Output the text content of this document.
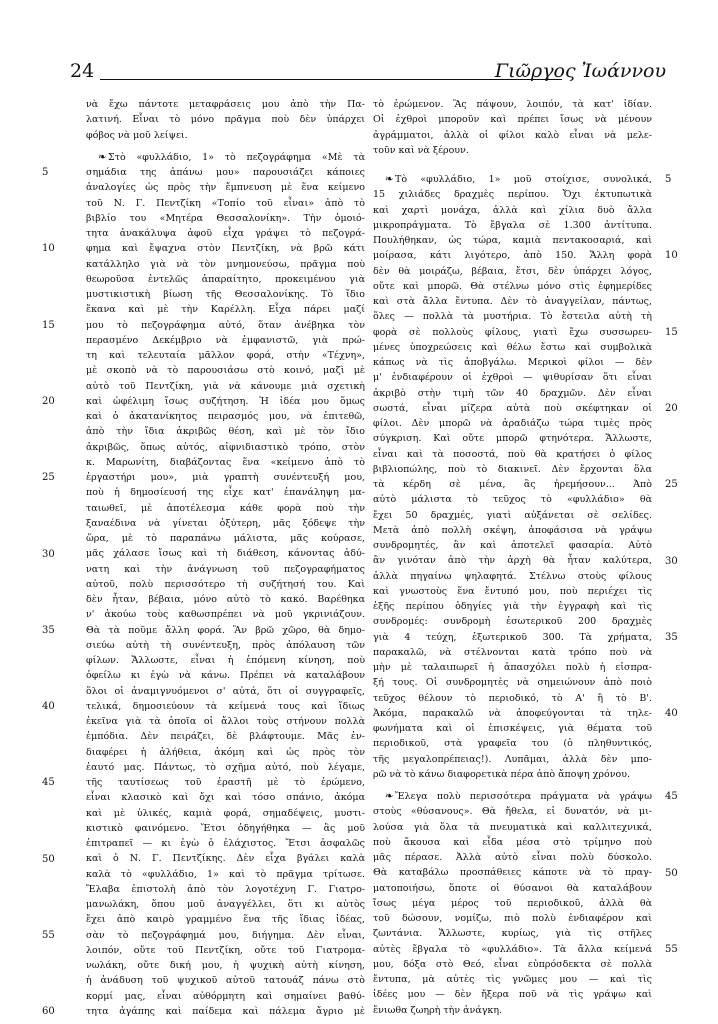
24	Γιῶργος Ἰωάννου
νὰ ἔχω πάντοτε μεταφράσεις μου ἀπὸ τὴν Πα-
λατινή. Εἶναι τὸ μόνο πρᾶγμα ποὺ δὲν ὑπάρχει
φόβος νὰ μοῦ λείψει.
❧ Στὸ «φυλλάδιο, 1» τὸ πεζογράφημα «Μὲ τὰ
σημάδια της ἀπάνω μου» παρουσιάζει κάποιες
ἀναλογίες ὡς πρὸς τὴν ἔμπνευση μὲ ἕνα κείμενο
τοῦ Ν. Γ. Πεντζίκη «Τοπίο τοῦ εἶναι» ἀπὸ τὸ
βιβλίο του «Μητέρα Θεσσαλονίκη». Τὴν ὁμοιό-
τητα ἀνακάλυψα ἀφοῦ εἶχα γράψει τὸ πεζογρά-
φημα καὶ ἔψαχνα στὸν Πεντζίκη, νὰ βρῶ κάτι
κατάλληλο γιὰ νὰ τὸν μνημονεύσω, πρᾶγμα ποὺ
θεωροῦσα ἐντελῶς ἀπαραίτητο, προκειμένου γιὰ
μυστικιστικὴ βίωση τῆς Θεσσαλονίκης. Τὸ ἴδιο
ἔκανα καὶ μὲ τὴν Καρέλλη. Εἶχα πάρει μαζί
μου τὸ πεζογράφημα αὐτό, ὅταν ἀνέβηκα τὸν
περασμένο Δεκέμβριο νὰ ἐμφανιστῶ, γιὰ πρώ-
τη καὶ τελευταία μᾶλλον φορά, στὴν «Τέχνη»,
μὲ σκοπὸ νὰ τὸ παρουσιάσω στὸ κοινό, μαζὶ μὲ
αὐτὸ τοῦ Πεντζίκη, γιὰ νὰ κάνουμε μιὰ σχετικὴ
καὶ ὠφέλιμη ἴσως συζήτηση. Ἡ ἰδέα μου ὅμως
καὶ ὁ ἀκατανίκητος πειρασμός μου, νὰ ἐπιτεθῶ,
ἀπὸ τὴν ἴδια ἀκριβῶς θέση, καὶ μὲ τὸν ἴδιο
ἀκριβῶς, ὅπως αὐτός, αἰφνιδιαστικὸ τρόπο, στὸν
κ. Μαρωνίτη, διαβάζοντας ἕνα «κείμενο ἀπὸ τὸ
ἐργαστήρι μου», μιὰ γραπτὴ συνέντευξή μου,
ποὺ ἡ δημοσίευσή της εἶχε κατ' ἐπανάληψη μα-
ταιωθεῖ, μὲ ἀποτέλεσμα κάθε φορὰ ποὺ τὴν
ξαναέδινα νὰ γίνεται ὀξύτερη, μᾶς ξόδεψε τὴν
ὥρα, μὲ τὸ παραπάνω μάλιστα, μᾶς κούρασε,
μᾶς χάλασε ἴσως καὶ τὴ διάθεση, κάνοντας ἀδύ-
νατη καὶ τὴν ἀνάγνωση τοῦ πεζογραφήματος
αὐτοῦ, πολὺ περισσότερο τὴ συζήτησή του. Καὶ
δὲν ἦταν, βέβαια, μόνο αὐτὸ τὸ κακό. Βαρέθηκα
ν' ἀκούω τοὺς καθωσπρέπει νὰ μοῦ γκρινιάζουν.
Θὰ τὰ ποῦμε ἄλλη φορά. Ἂν βρῶ χῶρο, θὰ δημο-
σιεύω αὐτὴ τὴ συνέντευξη, πρὸς ἀπόλαυση τῶν
φίλων. Ἄλλωστε, εἶναι ἡ ἑπόμενη κίνηση, ποὺ
ὀφείλω κι ἐγὼ νὰ κάνω. Πρέπει νὰ καταλάβουν
ὅλοι οἱ ἀναμιγνυόμενοι σ' αὐτά, ὅτι οἱ συγγραφεῖς,
τελικά, δημοσιεύουν τὰ κείμενά τους καὶ ἴδιως
ἐκεῖνα γιὰ τὰ ὁποῖα οἱ ἄλλοι τοὺς στήνουν πολλὰ
ἐμπόδια. Δὲν πειράζει, δὲ βλάφτουμε. Μᾶς ἐν-
διαφέρει ἡ ἀλήθεια, ἀκόμη καὶ ὡς πρὸς τὸν
ἑαυτό μας. Πάντως, τὸ σχῆμα αὐτό, ποὺ λέγαμε,
τῆς ταυτίσεως τοῦ ἐραστῆ μὲ τὸ ἐρώμενο,
εἶναι κλασικὸ καὶ ὄχι καὶ τόσο σπάνιο, ἀκόμα
καὶ μὲ ὑλικές, καμιὰ φορά, σημαδέψεις, μυστι-
κιστικὸ φαινόμενο. Ἔτσι ὁδηγήθηκα — ἂς μοῦ
ἐπιτραπεῖ — κι ἐγὼ ὁ ἐλάχιστος. Ἔτσι ἀσφαλῶς
καὶ ὁ Ν. Γ. Πεντζίκης. Δὲν εἶχα βγάλει καλὰ
καλὰ τὸ «φυλλάδιο, 1» καὶ τὸ πρᾶγμα τρίτωσε.
Ἔλαβα ἐπιστολὴ ἀπὸ τὸν λογοτέχνη Γ. Γιατρο-
μανωλάκη, ὅπου μοῦ ἀναγγέλλει, ὅτι κι αὐτὸς
ἔχει ἀπὸ καιρὸ γραμμένο ἕνα τῆς ἴδιας ἰδέας,
σὰν τὸ πεζογράφημά μου, διήγημα. Δὲν εἶναι,
λοιπόν, οὔτε τοῦ Πεντζίκη, οὔτε τοῦ Γιατρομα-
νωλάκη, οὔτε δική μου, ἡ ψυχικὴ αὐτὴ κίνηση,
ἡ ἀνάδυση τοῦ ψυχικοῦ αὐτοῦ τατουάζ πάνω στὸ
κορμί μας, εἶναι αὐθόρμητη καὶ σημαίνει βαθύ-
τητα ἀγάπης καὶ παίδεμα καὶ πάλεμα ἄγριο μὲ
τὸ ἐρώμενον. Ἂς πάψουν, λοιπόν, τὰ κατ' ἰδίαν.
Οἱ ἐχθροὶ μποροῦν καὶ πρέπει ἴσως νὰ μένουν
ἀγράμματοι, ἀλλὰ οἱ φίλοι καλὸ εἶναι νὰ μελε-
τοῦν καὶ νὰ ξέρουν.
❧ Τὸ «φυλλάδιο, 1» μοῦ στοίχισε, συνολικά,
15 χιλιάδες δραχμὲς περίπου. Ὄχι ἐκτυπωτικὰ
καὶ χαρτὶ μονάχα, ἀλλὰ καὶ χίλια δυὸ ἄλλα
μικροπράγματα. Τὸ ἔβγαλα σὲ 1.300 ἀντίτυπα.
Πουλήθηκαν, ὡς τώρα, καμιὰ πεντακοσαριά, καὶ
μοίρασα, κάτι λιγότερο, ἀπὸ 150. Ἄλλη φορὰ
δὲν θὰ μοιράζω, βέβαια, ἔτσι, δὲν ὑπάρχει λόγος,
οὔτε καὶ μπορῶ. Θὰ στέλνω μόνο στὶς ἐφημερίδες
καὶ στὰ ἄλλα ἔντυπα. Δὲν τὸ ἀναγγείλαν, πάντως,
ὅλες — πολλὰ τὰ μυστήρια. Τὸ ἔστειλα αὐτὴ τὴ
φορὰ σὲ πολλοὺς φίλους, γιατὶ ἔχω συσσωρευ-
μένες ὑποχρεώσεις καὶ θέλω ἔστω καὶ συμβολικὰ
κάπως νὰ τὶς ἀποβγάλω. Μερικοὶ φίλοι — δὲν
μ' ἐνδιαφέρουν οἱ ἐχθροὶ — ψιθυρίσαν ὅτι εἶναι
ἀκριβὸ στὴν τιμὴ τῶν 40 δραχμῶν. Δὲν εἶναι
σωστά, εἶναι μίζερα αὐτὰ ποὺ σκέφτηκαν οἱ
φίλοι. Δὲν μπορῶ νὰ ἀραδιάζω τώρα τιμὲς πρὸς
σύγκριση. Καὶ οὔτε μπορῶ φτηνότερα. Ἄλλωστε,
εἶναι καὶ τὰ ποσοστά, ποὺ θὰ κρατήσει ὁ φίλος
βιβλιοπώλης, ποὺ τὸ διακινεῖ. Δὲν ἔρχονται ὅλα
τὰ κέρδη σὲ μένα, ἂς ἠρεμήσουν... Ἀπὸ
αὐτὸ μάλιστα τὸ τεῦχος τὸ «φυλλάδιο» θὰ
ἔχει 50 δραχμές, γιατὶ αὐξάνεται σὲ σελίδες.
Μετὰ ἀπὸ πολλὴ σκέψη, ἀποφάσισα νὰ γράψω
συνδρομητές, ἂν καὶ ἀποτελεῖ φασαρία. Αὐτὸ
ἂν γινόταν ἀπὸ τὴν ἀρχὴ θὰ ἦταν καλύτερα,
ἀλλὰ πηγαίνω ψηλαφητά. Στέλνω στοὺς φίλους
καὶ γνωστοὺς ἕνα ἔντυπό μου, ποὺ περιέχει τὶς
ἑξῆς περίπου ὁδηγίες γιὰ τὴν ἐγγραφὴ καὶ τὶς
συνδρομές: συνδρομὴ ἐσωτερικοῦ 200 δραχμὲς
γιὰ 4 τεύχη, ἐξωτερικοῦ 300. Τὰ χρήματα,
παρακαλῶ, νὰ στέλνονται κατὰ τρόπο ποὺ νὰ
μὴν μὲ ταλαιπωρεῖ ἡ ἀπασχόλει πολὺ ἡ εἰσπρα-
ξή τους. Οἱ συνδρομητὲς νὰ σημειώνουν ἀπὸ ποιὸ
τεῦχος θέλουν τὸ περιοδικό, τὸ Α' ἢ τὸ Β'.
Ἀκόμα, παρακαλῶ νὰ ἀποφεύγονται τὰ τηλε-
φωνήματα καὶ οἱ ἐπισκέψεις, γιὰ θέματα τοῦ
περιοδικοῦ, στὰ γραφεῖα του (ὁ πληθυντικός,
τῆς μεγαλοπρέπειας!). Λυπᾶμαι, ἀλλὰ δὲν μπο-
ρῶ νὰ τὸ κάνω διαφορετικὰ πέρα ἀπὸ ἄποψη χρόνου.
❧ Ἔλεγα πολὺ περισσότερα πράγματα νὰ γράψω
στοὺς «θύσανους». Θὰ ἤθελα, εἰ δυνατόν, νὰ μι-
λούσα γιὰ ὅλα τὰ πνευματικὰ καὶ καλλιτεχνικά,
ποὺ ἄκουσα καὶ εἶδα μέσα στὸ τρίμηνο ποὺ
μᾶς πέρασε. Ἀλλὰ αὐτὸ εἶναι πολὺ δύσκολο.
Θὰ καταβάλω προσπάθειες κάποτε νὰ τὸ πραγ-
ματοποιήσω, ὅποτε οἱ θύσανοι θὰ καταλάβουν
ἴσως μέγα μέρος τοῦ περιοδικοῦ, ἀλλὰ θὰ
τοῦ δώσουν, νομίζω, πιὸ πολὺ ἐνδιαφέρον καὶ
ζωντάνια. Ἄλλωστε, κυρίως, γιὰ τὶς στῆλες
αὐτὲς ἔβγαλα τὸ «φυλλάδιο». Τὰ ἄλλα κείμενά
μου, δόξα στὸ Θεό, εἶναι εὐπρόσδεκτα σὲ πολλὰ
ἔντυπα, μὰ αὐτὲς τὶς γνῶμες μου — καὶ τὶς
ἰδέες μου — δὲν ἤξερα ποῦ νὰ τὶς γράψω καὶ
ἔνιωθα ζωηρὴ τὴν ἀνάγκη.
5
10
15
20
25
30
35
40
45
50
55
60
5
10
15
20
25
30
35
40
45
50
55
